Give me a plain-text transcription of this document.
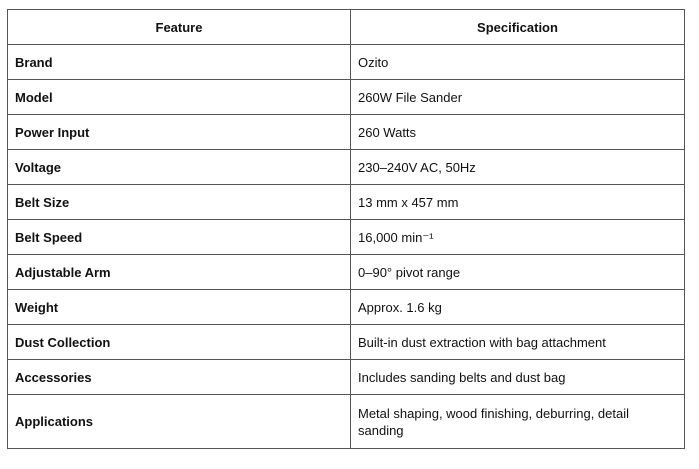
Feature	Specification
Brand	Ozito
Model	260W File Sander
Power Input	260 Watts
Voltage	230–240V AC, 50Hz
Belt Size	13 mm x 457 mm
Belt Speed	16,000 min⁻¹
Adjustable Arm	0–90° pivot range
Weight	Approx. 1.6 kg
Dust Collection	Built-in dust extraction with bag attachment
Accessories	Includes sanding belts and dust bag
Applications	Metal shaping, wood finishing, deburring, detail sanding
